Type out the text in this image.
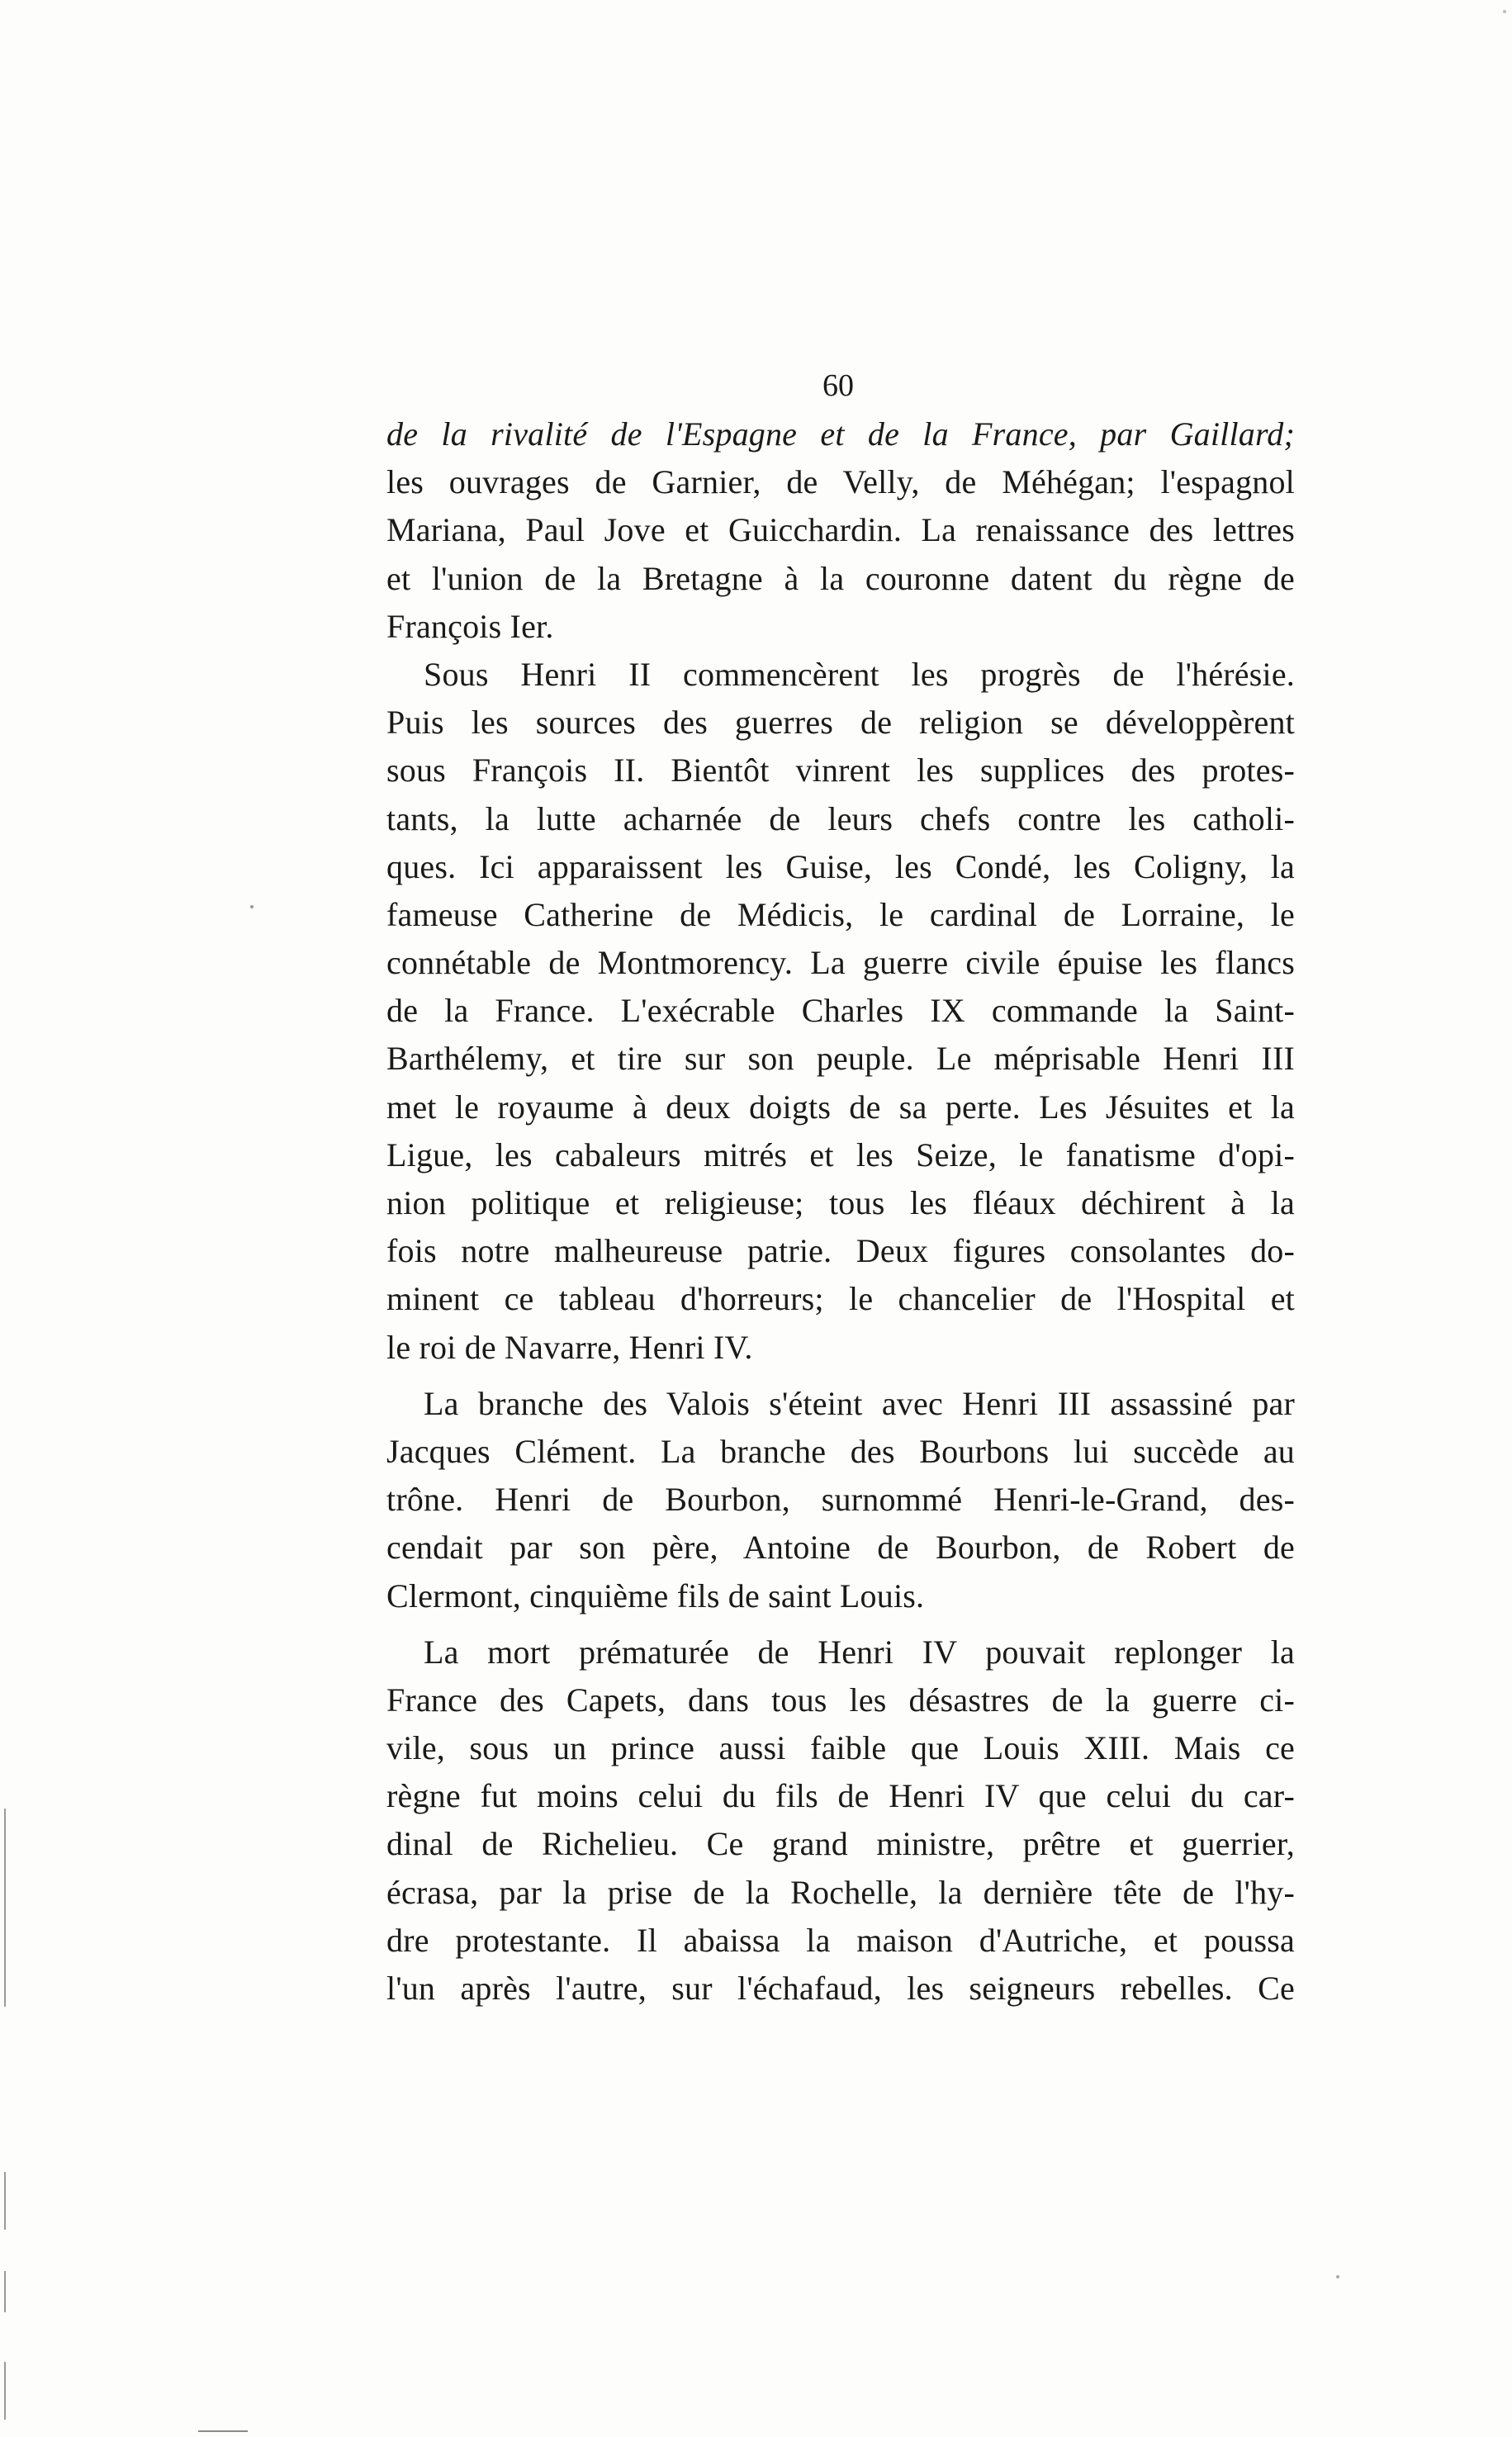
60

de la rivalité de l'Espagne et de la France, par Gaillard;
les ouvrages de Garnier, de Velly, de Méhégan; l'espagnol
Mariana, Paul Jove et Guicchardin. La renaissance des lettres
et l'union de la Bretagne à la couronne datent du règne de
François Ier.
Sous Henri II commencèrent les progrès de l'hérésie.
Puis les sources des guerres de religion se développèrent
sous François II. Bientôt vinrent les supplices des protes-
tants, la lutte acharnée de leurs chefs contre les catholi-
ques. Ici apparaissent les Guise, les Condé, les Coligny, la
fameuse Catherine de Médicis, le cardinal de Lorraine, le
connétable de Montmorency. La guerre civile épuise les flancs
de la France. L'exécrable Charles IX commande la Saint-
Barthélemy, et tire sur son peuple. Le méprisable Henri III
met le royaume à deux doigts de sa perte. Les Jésuites et la
Ligue, les cabaleurs mitrés et les Seize, le fanatisme d'opi-
nion politique et religieuse; tous les fléaux déchirent à la
fois notre malheureuse patrie. Deux figures consolantes do-
minent ce tableau d'horreurs; le chancelier de l'Hospital et
le roi de Navarre, Henri IV.
La branche des Valois s'éteint avec Henri III assassiné par
Jacques Clément. La branche des Bourbons lui succède au
trône. Henri de Bourbon, surnommé Henri-le-Grand, des-
cendait par son père, Antoine de Bourbon, de Robert de
Clermont, cinquième fils de saint Louis.
La mort prématurée de Henri IV pouvait replonger la
France des Capets, dans tous les désastres de la guerre ci-
vile, sous un prince aussi faible que Louis XIII. Mais ce
règne fut moins celui du fils de Henri IV que celui du car-
dinal de Richelieu. Ce grand ministre, prêtre et guerrier,
écrasa, par la prise de la Rochelle, la dernière tête de l'hy-
dre protestante. Il abaissa la maison d'Autriche, et poussa
l'un après l'autre, sur l'échafaud, les seigneurs rebelles. Ce
